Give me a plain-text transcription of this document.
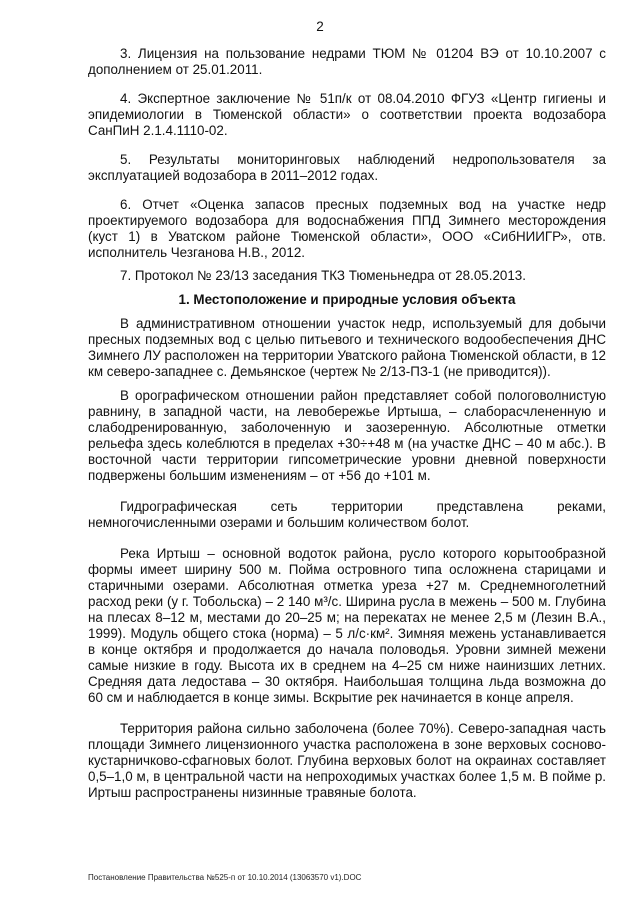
2

3. Лицензия на пользование недрами ТЮМ № 01204 ВЭ от 10.10.2007 с дополнением от 25.01.2011.

4. Экспертное заключение № 51п/к от 08.04.2010 ФГУЗ «Центр гигиены и эпидемиологии в Тюменской области» о соответствии проекта водозабора СанПиН 2.1.4.1110-02.

5. Результаты мониторинговых наблюдений недропользователя за эксплуатацией водозабора в 2011–2012 годах.

6. Отчет «Оценка запасов пресных подземных вод на участке недр проектируемого водозабора для водоснабжения ППД Зимнего месторождения (куст 1) в Уватском районе Тюменской области», ООО «СибНИИГР», отв. исполнитель Чезганова Н.В., 2012.

7. Протокол № 23/13 заседания ТКЗ Тюменьнедра от 28.05.2013.

1. Местоположение и природные условия объекта

В административном отношении участок недр, используемый для добычи пресных подземных вод с целью питьевого и технического водообеспечения ДНС Зимнего ЛУ расположен на территории Уватского района Тюменской области, в 12 км северо-западнее с. Демьянское (чертеж № 2/13-ПЗ-1 (не приводится)).

В орографическом отношении район представляет собой пологоволнистую равнину, в западной части, на левобережье Иртыша, – слаборасчлененную и слабодренированную, заболоченную и заозеренную. Абсолютные отметки рельефа здесь колеблются в пределах +30÷+48 м (на участке ДНС – 40 м абс.). В восточной части территории гипсометрические уровни дневной поверхности подвержены большим изменениям – от +56 до +101 м.

Гидрографическая сеть территории представлена реками, немногочисленными озерами и большим количеством болот.

Река Иртыш – основной водоток района, русло которого корытообразной формы имеет ширину 500 м. Пойма островного типа осложнена старицами и старичными озерами. Абсолютная отметка уреза +27 м. Среднемноголетний расход реки (у г. Тобольска) – 2 140 м³/с. Ширина русла в межень – 500 м. Глубина на плесах 8–12 м, местами до 20–25 м; на перекатах не менее 2,5 м (Лезин В.А., 1999). Модуль общего стока (норма) – 5 л/с·км². Зимняя межень устанавливается в конце октября и продолжается до начала половодья. Уровни зимней межени самые низкие в году. Высота их в среднем на 4–25 см ниже наинизших летних. Средняя дата ледостава – 30 октября. Наибольшая толщина льда возможна до 60 см и наблюдается в конце зимы. Вскрытие рек начинается в конце апреля.

Территория района сильно заболочена (более 70%). Северо-западная часть площади Зимнего лицензионного участка расположена в зоне верховых сосново-кустарничково-сфагновых болот. Глубина верховых болот на окраинах составляет 0,5–1,0 м, в центральной части на непроходимых участках более 1,5 м. В пойме р. Иртыш распространены низинные травяные болота.

Постановление Правительства №525-п от 10.10.2014 (13063570 v1).DOC
